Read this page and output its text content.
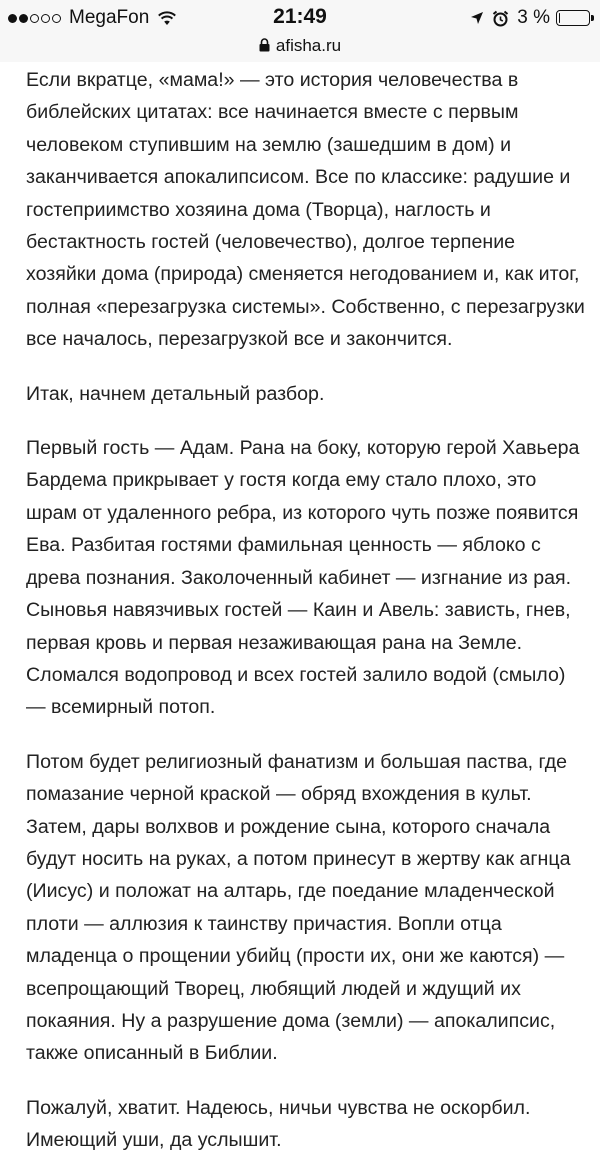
MegaFon	21:49	3 %
afisha.ru

Если вкратце, «мама!» — это история человечества в библейских цитатах: все начинается вместе с первым человеком ступившим на землю (зашедшим в дом) и заканчивается апокалипсисом. Все по классике: радушие и гостеприимство хозяина дома (Творца), наглость и бестактность гостей (человечество), долгое терпение хозяйки дома (природа) сменяется негодованием и, как итог, полная «перезагрузка системы». Собственно, с перезагрузки все началось, перезагрузкой все и закончится.

Итак, начнем детальный разбор.

Первый гость — Адам. Рана на боку, которую герой Хавьера Бардема прикрывает у гостя когда ему стало плохо, это шрам от удаленного ребра, из которого чуть позже появится Ева. Разбитая гостями фамильная ценность — яблоко с древа познания. Заколоченный кабинет — изгнание из рая. Сыновья навязчивых гостей — Каин и Авель: зависть, гнев, первая кровь и первая незаживающая рана на Земле. Сломался водопровод и всех гостей залило водой (смыло) — всемирный потоп.

Потом будет религиозный фанатизм и большая паства, где помазание черной краской — обряд вхождения в культ. Затем, дары волхвов и рождение сына, которого сначала будут носить на руках, а потом принесут в жертву как агнца (Иисус) и положат на алтарь, где поедание младенческой плоти — аллюзия к таинству причастия. Вопли отца младенца о прощении убийц (прости их, они же каются) — всепрощающий Творец, любящий людей и ждущий их покаяния. Ну а разрушение дома (земли) — апокалипсис, также описанный в Библии.

Пожалуй, хватит. Надеюсь, ничьи чувства не оскорбил. Имеющий уши, да услышит.
